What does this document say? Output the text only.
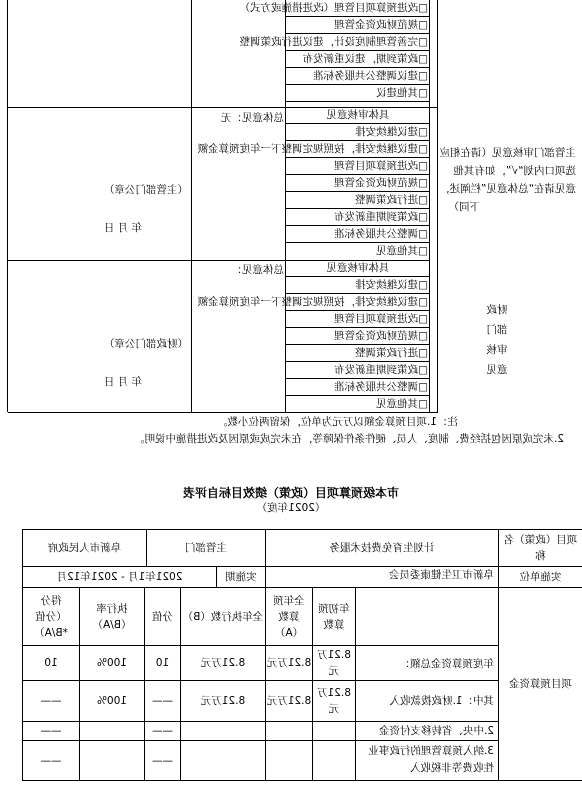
主管部门审核意见（请在相应
选项口内划“√”，如有其他
意见请在“总体意见”栏阐述，
下同）
财政
部门
审核
意见
□改进预算项目管理（改进措施或方式）
□规范财政资金管理
□完善管理制度设计，建议进行政策调整
□政策到期，建议重新发布
□建议调整公共服务标准
□其他建议
总体意见：无
（主管部门公章）
年 月 日
具体审核意见
□建议继续安排
□建议继续安排，按照规定调整下一年度预算金额
□改进预算项目管理
□规范财政资金管理
□进行政策调整
□政策到期重新发布
□调整公共服务标准
□其他意见
总体意见：
（财政部门公章）
年 月 日
具体审核意见
□建议继续安排
□建议继续安排，按照规定调整下一年度预算金额
□改进预算项目管理
□规范财政资金管理
□进行政策调整
□政策到期重新发布
□调整公共服务标准
□其他意见
注：1.项目预算金额以万元为单位，保留两位小数。
2.未完成原因包括经费、制度、人员、硬件条件保障等，在未完成或原因及改进措施中说明。
市本级预算项目（政策）绩效目标自评表
（2021年度）
项目（政策）名称
计划生育免费技术服务
主管部门
阜新市人民政府
实施单位
阜新市卫生健康委员会
实施期
2021年1月 - 2021年12月
项目预算资金
年初预算数
全年预算数（A）
全年执行数（B）
分值
执行率（B/A）
得分（分值*B/A）
年度预算资金总额：
8.21万元
8.21万元
8.21万元
10
100%
10
其中：1.财政拨款收入
8.21万元
8.21万元
8.21万元
——
100%
——
2.中央、省转移支付资金
——
——
3.纳入预算管理的行政事业性收费等非税收入
——
——
